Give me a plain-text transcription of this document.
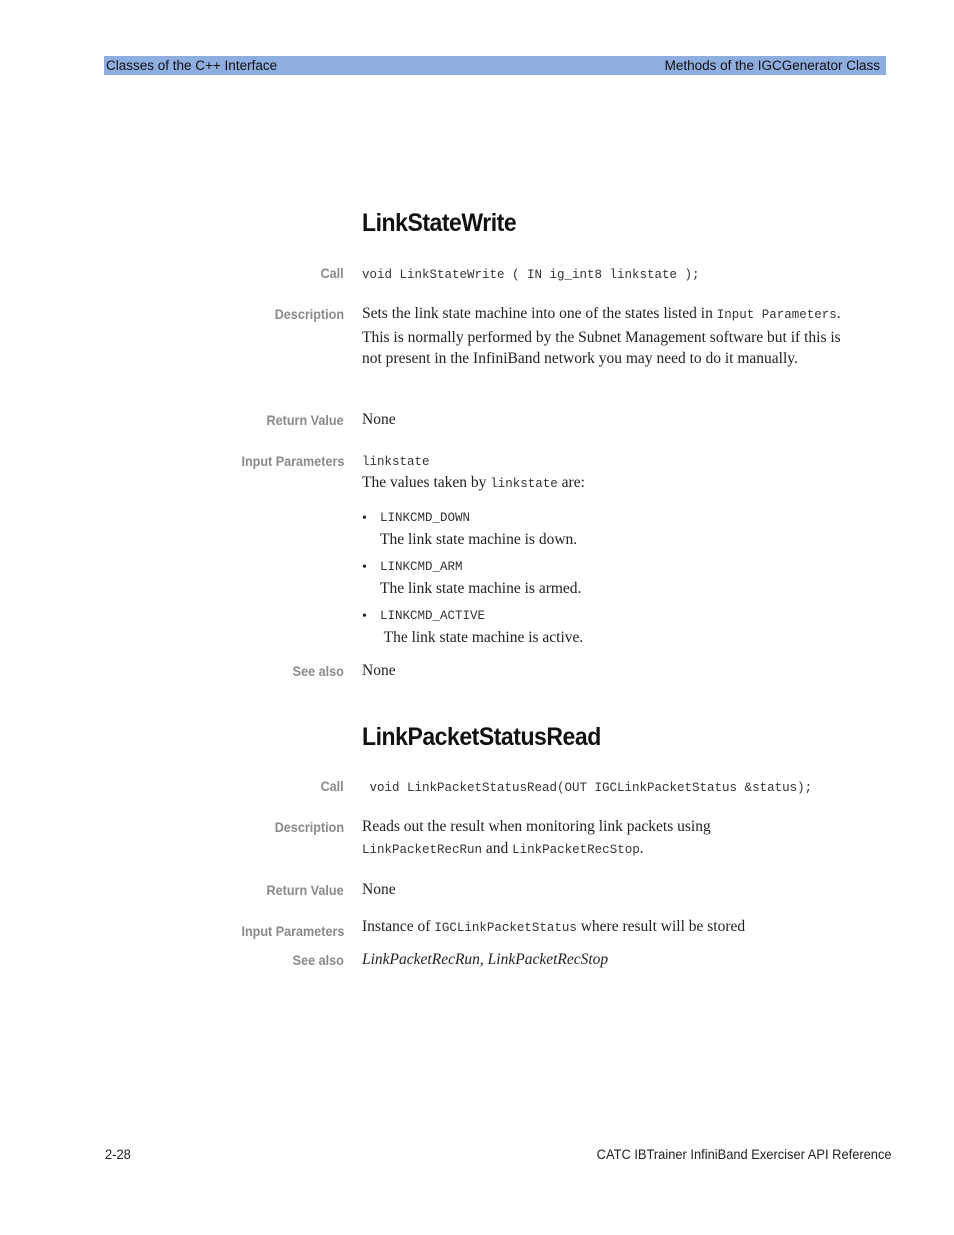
Classes of the C++ Interface	Methods of the IGCGenerator Class
LinkStateWrite
Call void LinkStateWrite ( IN ig_int8 linkstate );
Description Sets the link state machine into one of the states listed in Input Parameters. This is normally performed by the Subnet Management software but if this is not present in the InfiniBand network you may need to do it manually.
Return Value None
Input Parameters linkstate
The values taken by linkstate are:
• LINKCMD_DOWN
The link state machine is down.
• LINKCMD_ARM
The link state machine is armed.
• LINKCMD_ACTIVE
The link state machine is active.
See also None
LinkPacketStatusRead
Call void LinkPacketStatusRead(OUT IGCLinkPacketStatus &status);
Description Reads out the result when monitoring link packets using
LinkPacketRecRun and LinkPacketRecStop.
Return Value None
Input Parameters Instance of IGCLinkPacketStatus where result will be stored
See also LinkPacketRecRun, LinkPacketRecStop
2-28	CATC IBTrainer InfiniBand Exerciser API Reference
